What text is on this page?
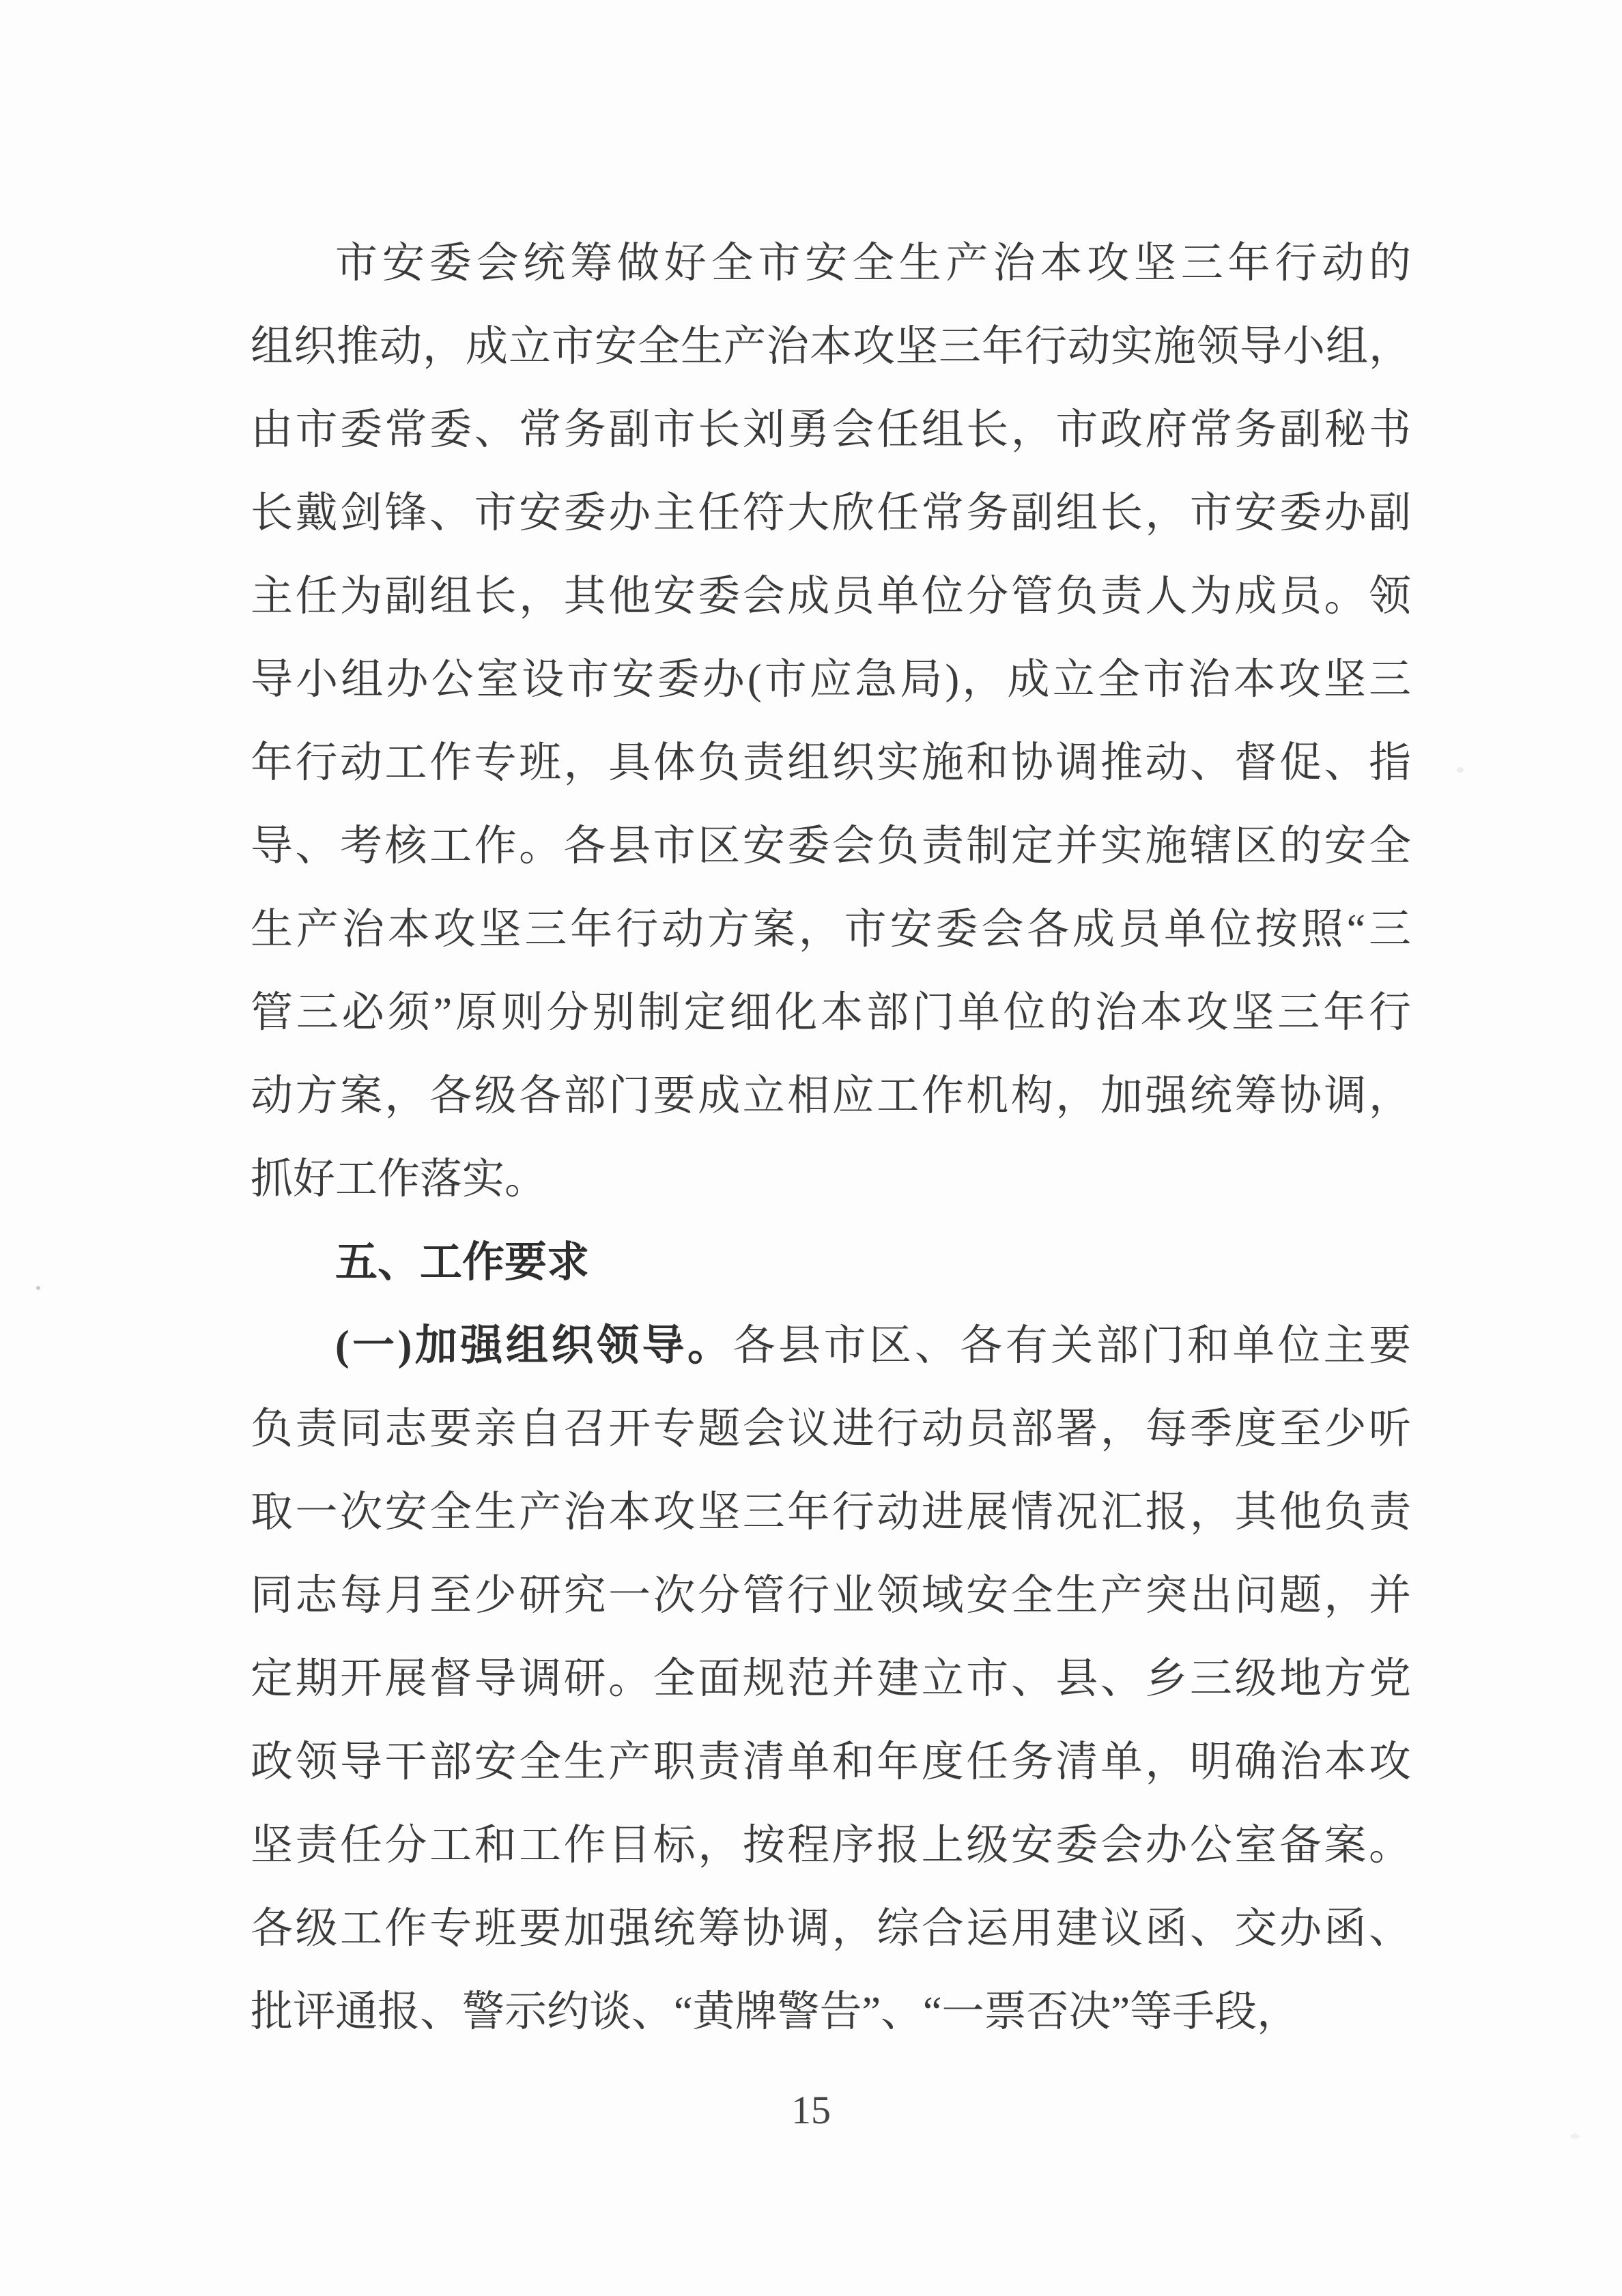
市安委会统筹做好全市安全生产治本攻坚三年行动的
组织推动，成立市安全生产治本攻坚三年行动实施领导小组，
由市委常委、常务副市长刘勇会任组长，市政府常务副秘书
长戴剑锋、市安委办主任符大欣任常务副组长，市安委办副
主任为副组长，其他安委会成员单位分管负责人为成员。领
导小组办公室设市安委办(市应急局)，成立全市治本攻坚三
年行动工作专班，具体负责组织实施和协调推动、督促、指
导、考核工作。各县市区安委会负责制定并实施辖区的安全
生产治本攻坚三年行动方案，市安委会各成员单位按照“三
管三必须”原则分别制定细化本部门单位的治本攻坚三年行
动方案，各级各部门要成立相应工作机构，加强统筹协调，
抓好工作落实。
五、工作要求
(一)加强组织领导。各县市区、各有关部门和单位主要
负责同志要亲自召开专题会议进行动员部署，每季度至少听
取一次安全生产治本攻坚三年行动进展情况汇报，其他负责
同志每月至少研究一次分管行业领域安全生产突出问题，并
定期开展督导调研。全面规范并建立市、县、乡三级地方党
政领导干部安全生产职责清单和年度任务清单，明确治本攻
坚责任分工和工作目标，按程序报上级安委会办公室备案。
各级工作专班要加强统筹协调，综合运用建议函、交办函、
批评通报、警示约谈、“黄牌警告”、“一票否决”等手段，
15
